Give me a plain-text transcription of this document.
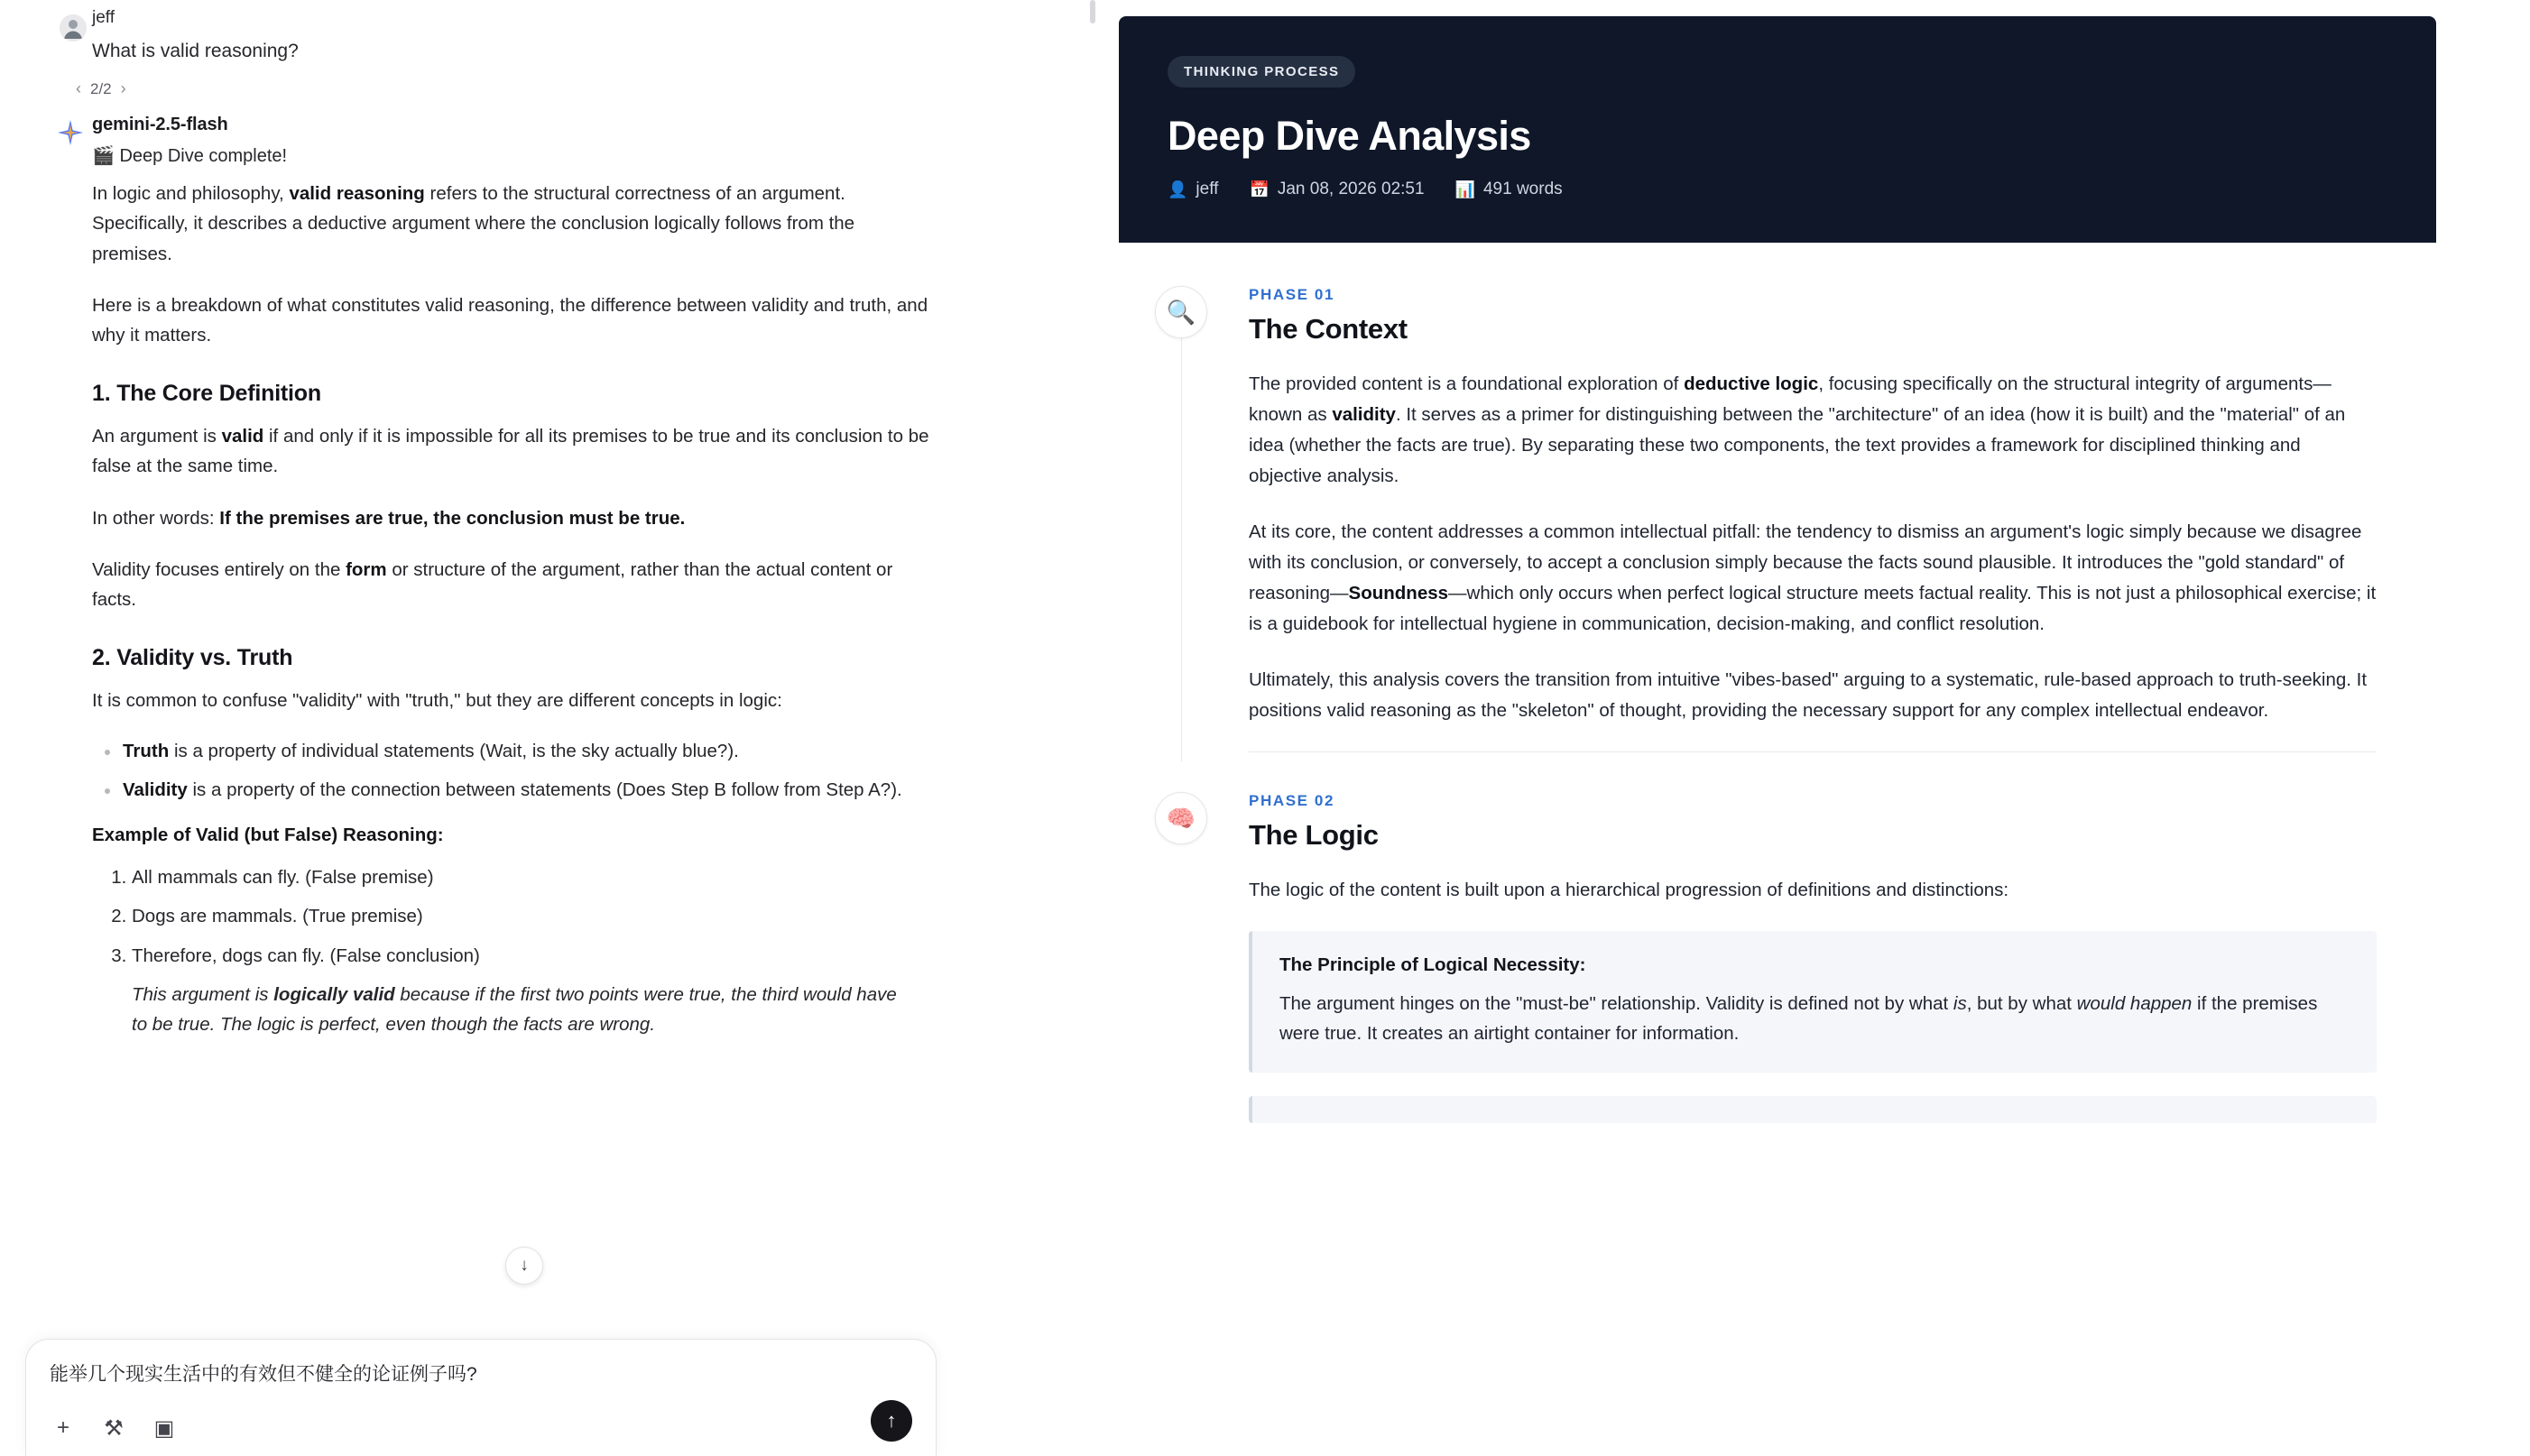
jeff
What is valid reasoning?
‹ 2/2 ›
gemini-2.5-flash
🎬 Deep Dive complete!

In logic and philosophy, valid reasoning refers to the structural correctness of an argument. Specifically, it describes a deductive argument where the conclusion logically follows from the premises.

Here is a breakdown of what constitutes valid reasoning, the difference between validity and truth, and why it matters.

1. The Core Definition

An argument is valid if and only if it is impossible for all its premises to be true and its conclusion to be false at the same time.

In other words: If the premises are true, the conclusion must be true.

Validity focuses entirely on the form or structure of the argument, rather than the actual content or facts.

2. Validity vs. Truth

It is common to confuse "validity" with "truth," but they are different concepts in logic:

Truth is a property of individual statements (Wait, is the sky actually blue?).
Validity is a property of the connection between statements (Does Step B follow from Step A?).

Example of Valid (but False) Reasoning:

1. All mammals can fly. (False premise)
2. Dogs are mammals. (True premise)
3. Therefore, dogs can fly. (False conclusion)

This argument is logically valid because if the first two points were true, the third would have to be true. The logic is perfect, even though the facts are wrong.

↓
能举几个现实生活中的有效但不健全的论证例子吗?
+	⚒ ▣	↑
THINKING PROCESS
Deep Dive Analysis
👤 jeff 📅 Jan 08, 2026 02:51 📊 491 words
🔍
PHASE 01
The Context

The provided content is a foundational exploration of deductive logic, focusing specifically on the structural integrity of arguments—known as validity. It serves as a primer for distinguishing between the "architecture" of an idea (how it is built) and the "material" of an idea (whether the facts are true). By separating these two components, the text provides a framework for disciplined thinking and objective analysis.

At its core, the content addresses a common intellectual pitfall: the tendency to dismiss an argument's logic simply because we disagree with its conclusion, or conversely, to accept a conclusion simply because the facts sound plausible. It introduces the "gold standard" of reasoning—Soundness—which only occurs when perfect logical structure meets factual reality. This is not just a philosophical exercise; it is a guidebook for intellectual hygiene in communication, decision-making, and conflict resolution.

Ultimately, this analysis covers the transition from intuitive "vibes-based" arguing to a systematic, rule-based approach to truth-seeking. It positions valid reasoning as the "skeleton" of thought, providing the necessary support for any complex intellectual endeavor.

🧠
PHASE 02
The Logic

The logic of the content is built upon a hierarchical progression of definitions and distinctions:

The Principle of Logical Necessity:

The argument hinges on the "must-be" relationship. Validity is defined not by what is, but by what would happen if the premises were true. It creates an airtight container for information.
